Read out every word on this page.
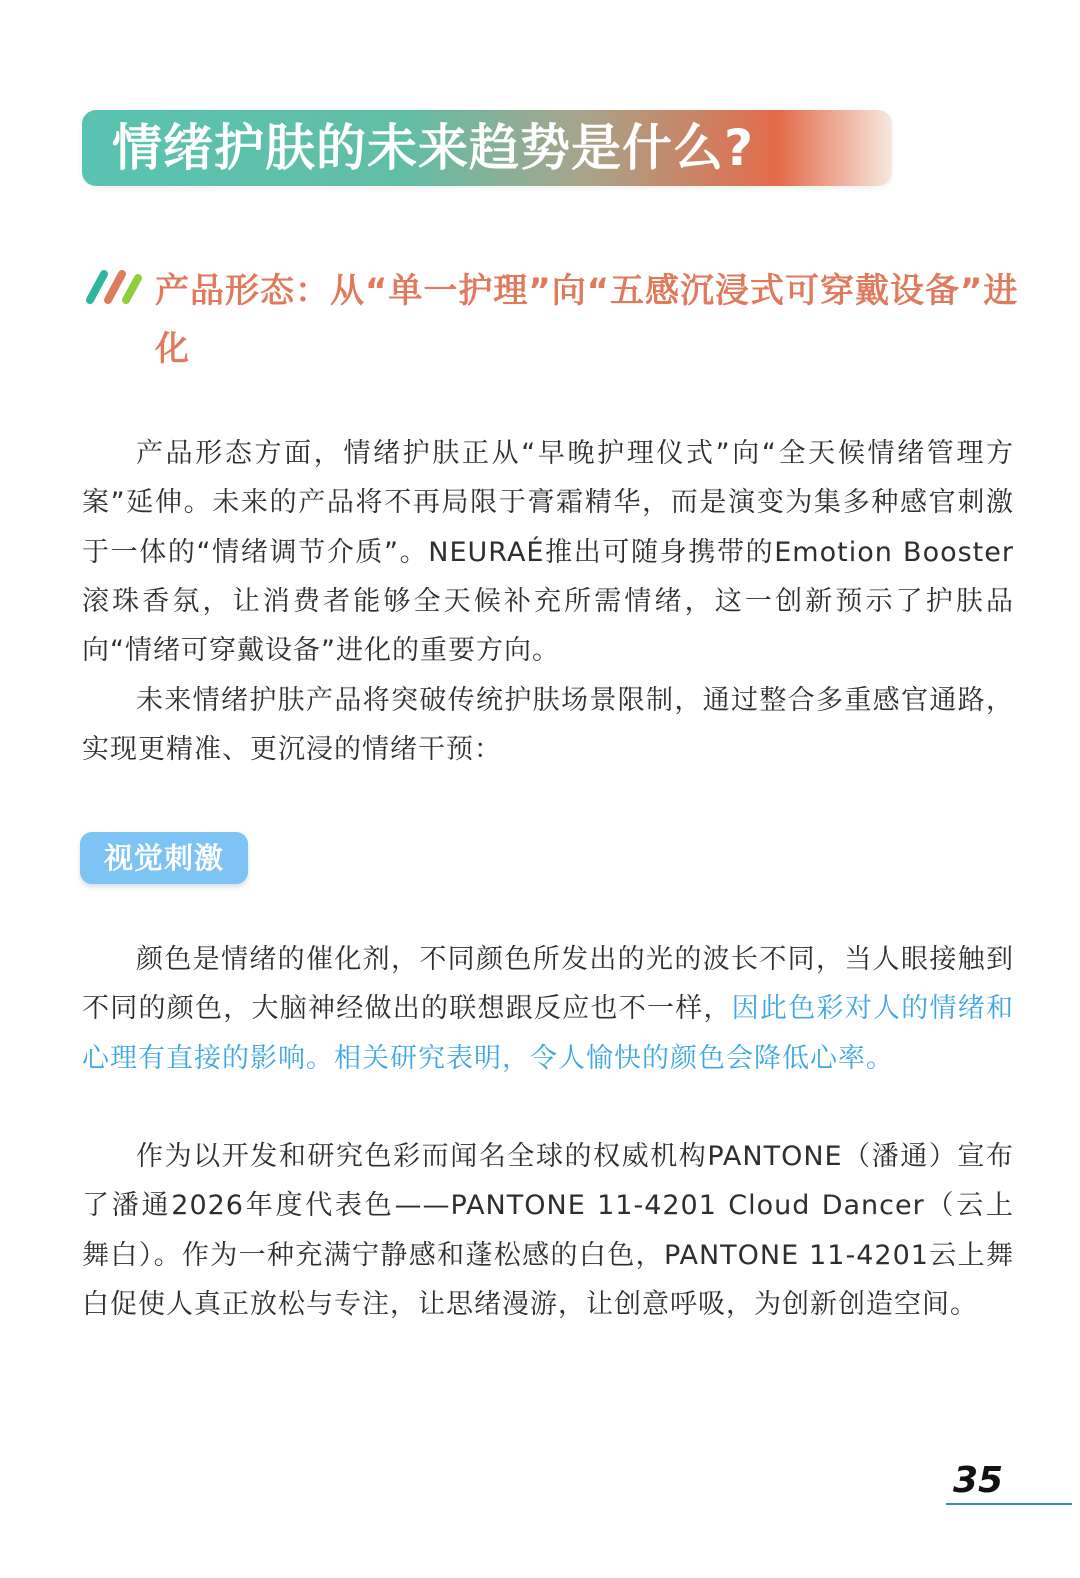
情绪护肤的未来趋势是什么?
产品形态：从“单一护理”向“五感沉浸式可穿戴设备”进化

产品形态方面，情绪护肤正从“早晚护理仪式”向“全天候情绪管理方案”延伸。未来的产品将不再局限于膏霜精华，而是演变为集多种感官刺激于一体的“情绪调节介质”。NEURAÉ推出可随身携带的Emotion Booster滚珠香氛，让消费者能够全天候补充所需情绪，这一创新预示了护肤品向“情绪可穿戴设备”进化的重要方向。

未来情绪护肤产品将突破传统护肤场景限制，通过整合多重感官通路，实现更精准、更沉浸的情绪干预：

视觉刺激

颜色是情绪的催化剂，不同颜色所发出的光的波长不同，当人眼接触到不同的颜色，大脑神经做出的联想跟反应也不一样，因此色彩对人的情绪和心理有直接的影响。相关研究表明，令人愉快的颜色会降低心率。

作为以开发和研究色彩而闻名全球的权威机构PANTONE（潘通）宣布了潘通2026年度代表色——PANTONE 11-4201 Cloud Dancer（云上舞白）。作为一种充满宁静感和蓬松感的白色，PANTONE 11-4201云上舞白促使人真正放松与专注，让思绪漫游，让创意呼吸，为创新创造空间。

35
